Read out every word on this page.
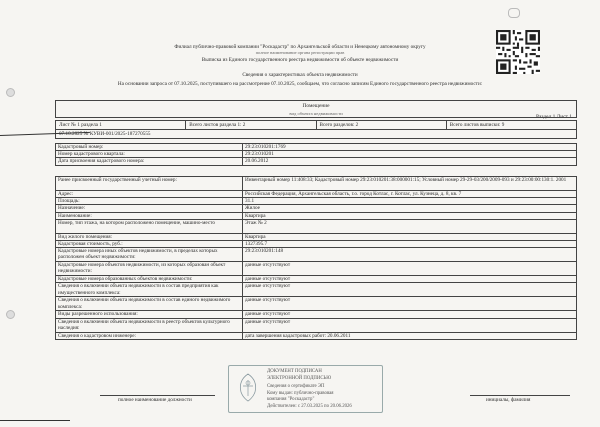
Филиал публично-правовой компании "Роскадастр" по Архангельской области и Ненецкому автономному округу
полное наименование органа регистрации прав
Выписка из Единого государственного реестра недвижимости об объекте недвижимости
Сведения о характеристиках объекта недвижимости
На основании запроса от 07.10.2025, поступившего на рассмотрение 07.10.2025, сообщаем, что согласно записям Единого государственного реестра недвижимости:
Раздел 1 Лист 1
Помещение
вид объекта недвижимости
Лист № 1 раздела 1	Всего листов раздела 1: 2	Всего разделов: 2	Всего листов выписки: 9
07.10.2025 № КУВИ-001/2025-187270555
Кадастровый номер:	29:23:010201:1769
Номер кадастрового квартала:	29:23:010201
Дата присвоения кадастрового номера:	20.06.2012
Ранее присвоенный государственный учетный номер:	Инвентарный номер 11:408:33; Кадастровый номер 29:23:010201:38:000001:15; Условный номер 29-29-03/200/2009-093 и 29:23:00:00:130:1. 2001
Адрес:	Российская Федерация, Архангельская область, г.о. город Котлас, г. Котлас, ул. Кузнеца, д. 8, кв. 7
Площадь:	31.1
Назначение:	Жилое
Наименование:	Квартира
Номер, тип этажа, на котором расположено помещение, машино-место	Этаж № 2
Вид жилого помещения:	Квартира
Кадастровая стоимость, руб.:	1327395.7
Кадастровые номера иных объектов недвижимости, в пределах которых расположен объект недвижимости:	29:23:010201:148
Кадастровые номера объектов недвижимости, из которых образован объект недвижимости:	данные отсутствуют
Кадастровые номера образованных объектов недвижимости:	данные отсутствуют
Сведения о включении объекта недвижимости в состав предприятия как имущественного комплекса:	данные отсутствуют
Сведения о включении объекта недвижимости в состав единого недвижимого комплекса:	данные отсутствуют
Виды разрешенного использования:	данные отсутствуют
Сведения о включении объекта недвижимости в реестр объектов культурного наследия:	данные отсутствуют
Сведения о кадастровом инженере:	дата завершения кадастровых работ: 20.06.2011
полное наименование должности	инициалы, фамилия
ДОКУМЕНТ ПОДПИСАН
ЭЛЕКТРОННОЙ ПОДПИСЬЮ
Сведения о сертификате ЭП
Кому выдан: публично-правовая
компания "Роскадастр"
Действителен: с 27.03.2025 по 20.06.2026
